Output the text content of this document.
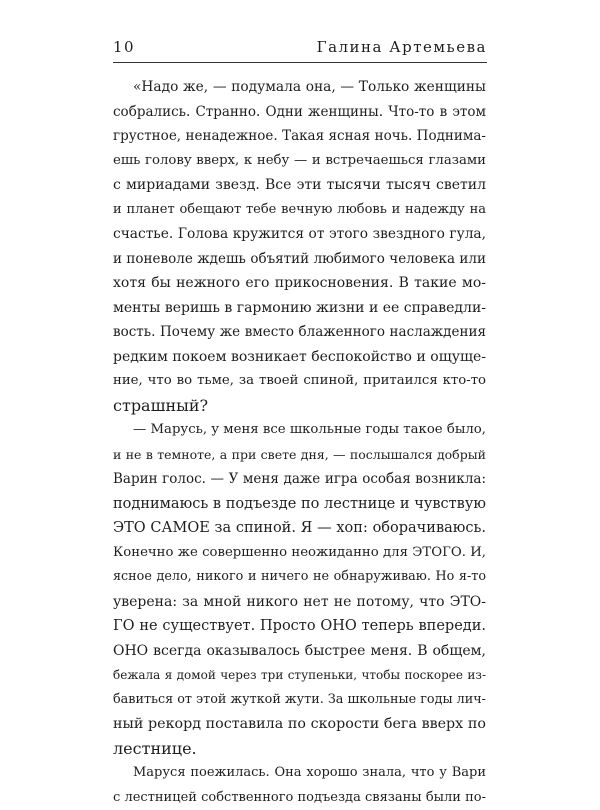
10	Галина Артемьева
«Надо же, — подумала она, — Только женщины
собрались. Странно. Одни женщины. Что-то в этом
грустное, ненадежное. Такая ясная ночь. Поднима-
ешь голову вверх, к небу — и встречаешься глазами
с мириадами звезд. Все эти тысячи тысяч светил
и планет обещают тебе вечную любовь и надежду на
счастье. Голова кружится от этого звездного гула,
и поневоле ждешь объятий любимого человека или
хотя бы нежного его прикосновения. В такие мо-
менты веришь в гармонию жизни и ее справедли-
вость. Почему же вместо блаженного наслаждения
редким покоем возникает беспокойство и ощуще-
ние, что во тьме, за твоей спиной, притаился кто-то
страшный?
— Марусь, у меня все школьные годы такое было,
и не в темноте, а при свете дня, — послышался добрый
Варин голос. — У меня даже игра особая возникла:
поднимаюсь в подъезде по лестнице и чувствую
ЭТО САМОЕ за спиной. Я — хоп: оборачиваюсь.
Конечно же совершенно неожиданно для ЭТОГО. И,
ясное дело, никого и ничего не обнаруживаю. Но я-то
уверена: за мной никого нет не потому, что ЭТО-
ГО не существует. Просто ОНО теперь впереди.
ОНО всегда оказывалось быстрее меня. В общем,
бежала я домой через три ступеньки, чтобы поскорее из-
бавиться от этой жуткой жути. За школьные годы лич-
ный рекорд поставила по скорости бега вверх по
лестнице.
Маруся поежилась. Она хорошо знала, что у Вари
с лестницей собственного подъезда связаны были по-
